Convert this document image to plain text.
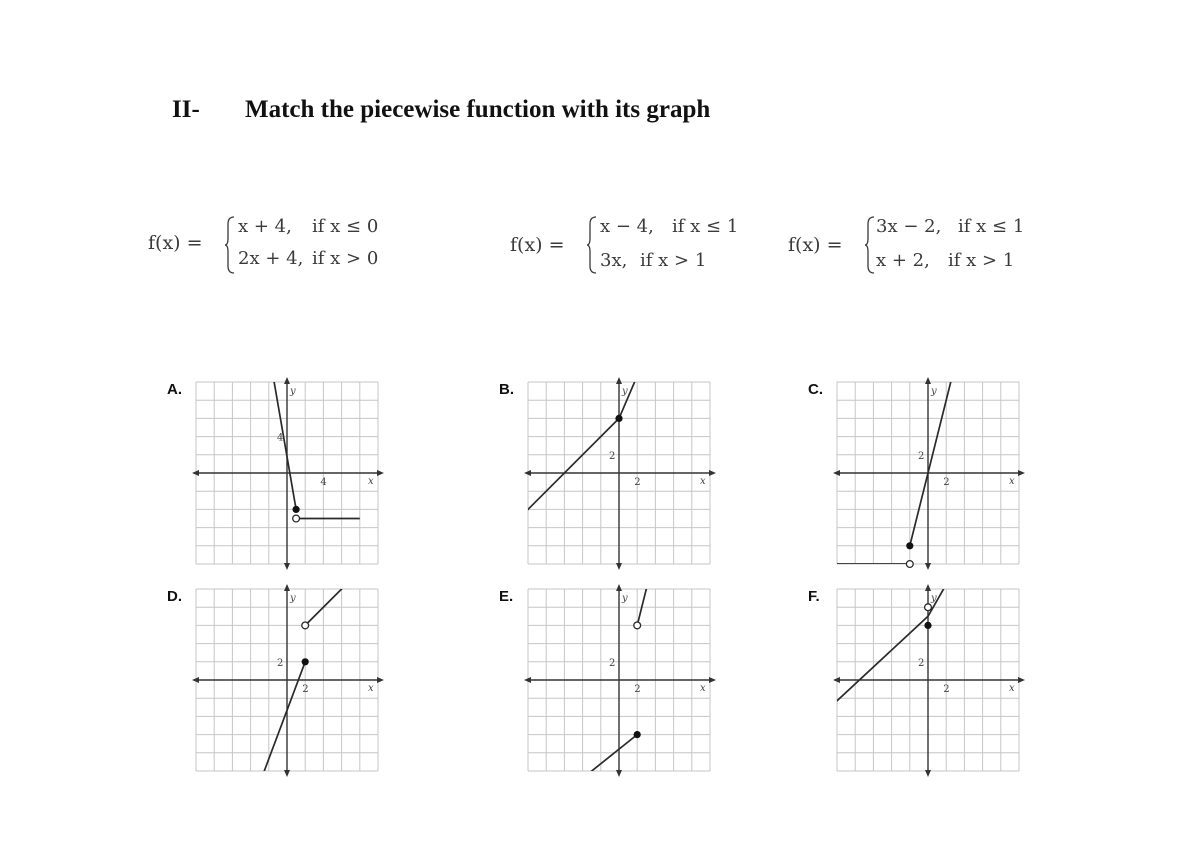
II- Match the piecewise function with its graph
f(x) =
x + 4, if x ≤ 0
2x + 4, if x > 0
f(x) =
x − 4, if x ≤ 1
3x, if x > 1
f(x) =
3x − 2, if x ≤ 1
x + 2, if x > 1
A.
x
y
4
4
B.
x
y
2
2
C.
x
y
2
2
D.
x
y
2
2
E.
x
y
2
2
F.
x
y
2
2
